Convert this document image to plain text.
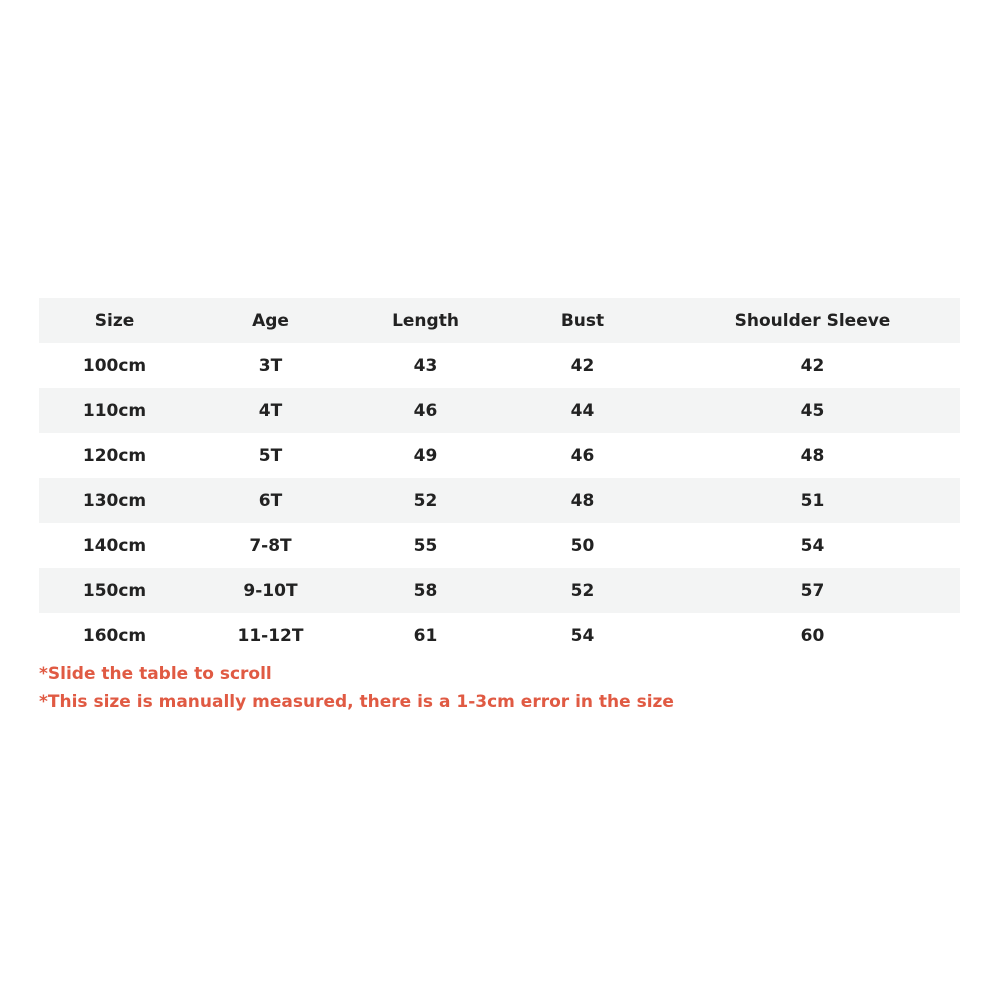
Size	Age	Length	Bust	Shoulder Sleeve
100cm	3T	43	42	42
110cm	4T	46	44	45
120cm	5T	49	46	48
130cm	6T	52	48	51
140cm	7-8T	55	50	54
150cm	9-10T	58	52	57
160cm	11-12T	61	54	60
*Slide the table to scroll
*This size is manually measured, there is a 1-3cm error in the size
